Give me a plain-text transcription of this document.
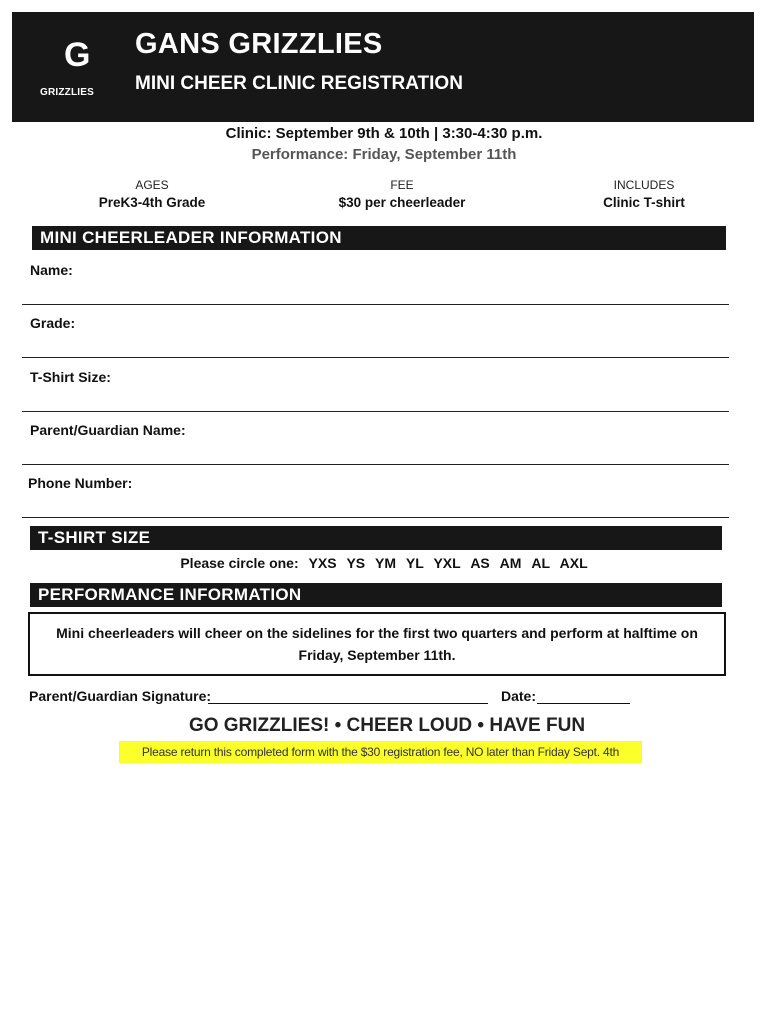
G
GRIZZLIES
GANS GRIZZLIES
MINI CHEER CLINIC REGISTRATION
Clinic: September 9th & 10th | 3:30-4:30 p.m.
Performance: Friday, September 11th
AGES
PreK3-4th Grade
FEE
$30 per cheerleader
INCLUDES
Clinic T-shirt
MINI CHEERLEADER INFORMATION
Name:
Grade:
T-Shirt Size:
Parent/Guardian Name:
Phone Number:
T-SHIRT SIZE
Please circle one: YXS YS YM YL YXL AS AM AL AXL
PERFORMANCE INFORMATION
Mini cheerleaders will cheer on the sidelines for the first two quarters and perform at halftime on Friday, September 11th.
Parent/Guardian Signature:	Date:
GO GRIZZLIES! • CHEER LOUD • HAVE FUN
Please return this completed form with the $30 registration fee, NO later than Friday Sept. 4th
